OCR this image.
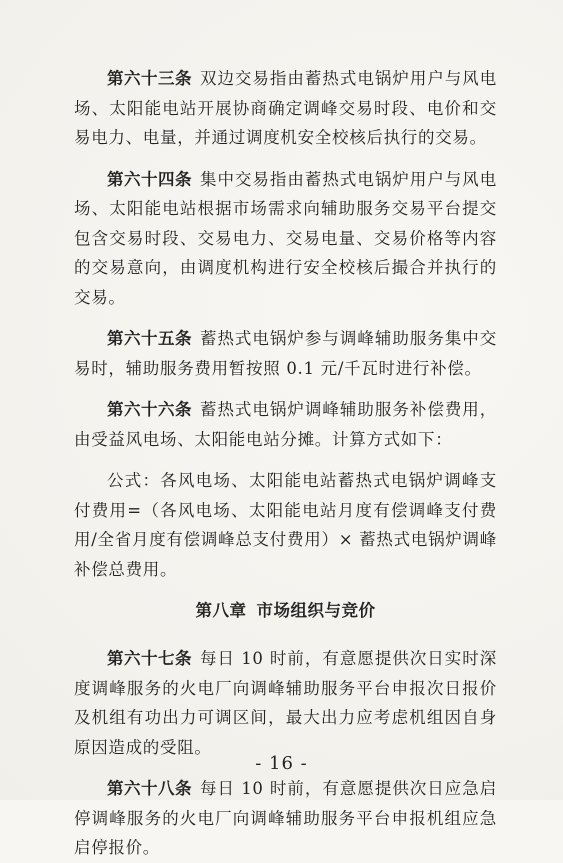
第六十三条 双边交易指由蓄热式电锅炉用户与风电场、太阳能电站开展协商确定调峰交易时段、电价和交易电力、电量，并通过调度机安全校核后执行的交易。

第六十四条 集中交易指由蓄热式电锅炉用户与风电场、太阳能电站根据市场需求向辅助服务交易平台提交包含交易时段、交易电力、交易电量、交易价格等内容的交易意向，由调度机构进行安全校核后撮合并执行的交易。

第六十五条 蓄热式电锅炉参与调峰辅助服务集中交易时，辅助服务费用暂按照 0.1 元/千瓦时进行补偿。

第六十六条 蓄热式电锅炉调峰辅助服务补偿费用，由受益风电场、太阳能电站分摊。计算方式如下：

公式：各风电场、太阳能电站蓄热式电锅炉调峰支付费用=（各风电场、太阳能电站月度有偿调峰支付费用/全省月度有偿调峰总支付费用）× 蓄热式电锅炉调峰补偿总费用。

第八章 市场组织与竞价

第六十七条 每日 10 时前，有意愿提供次日实时深度调峰服务的火电厂向调峰辅助服务平台申报次日报价及机组有功出力可调区间，最大出力应考虑机组因自身原因造成的受阻。

第六十八条 每日 10 时前，有意愿提供次日应急启停调峰服务的火电厂向调峰辅助服务平台申报机组应急启停报价。

- 16 -
